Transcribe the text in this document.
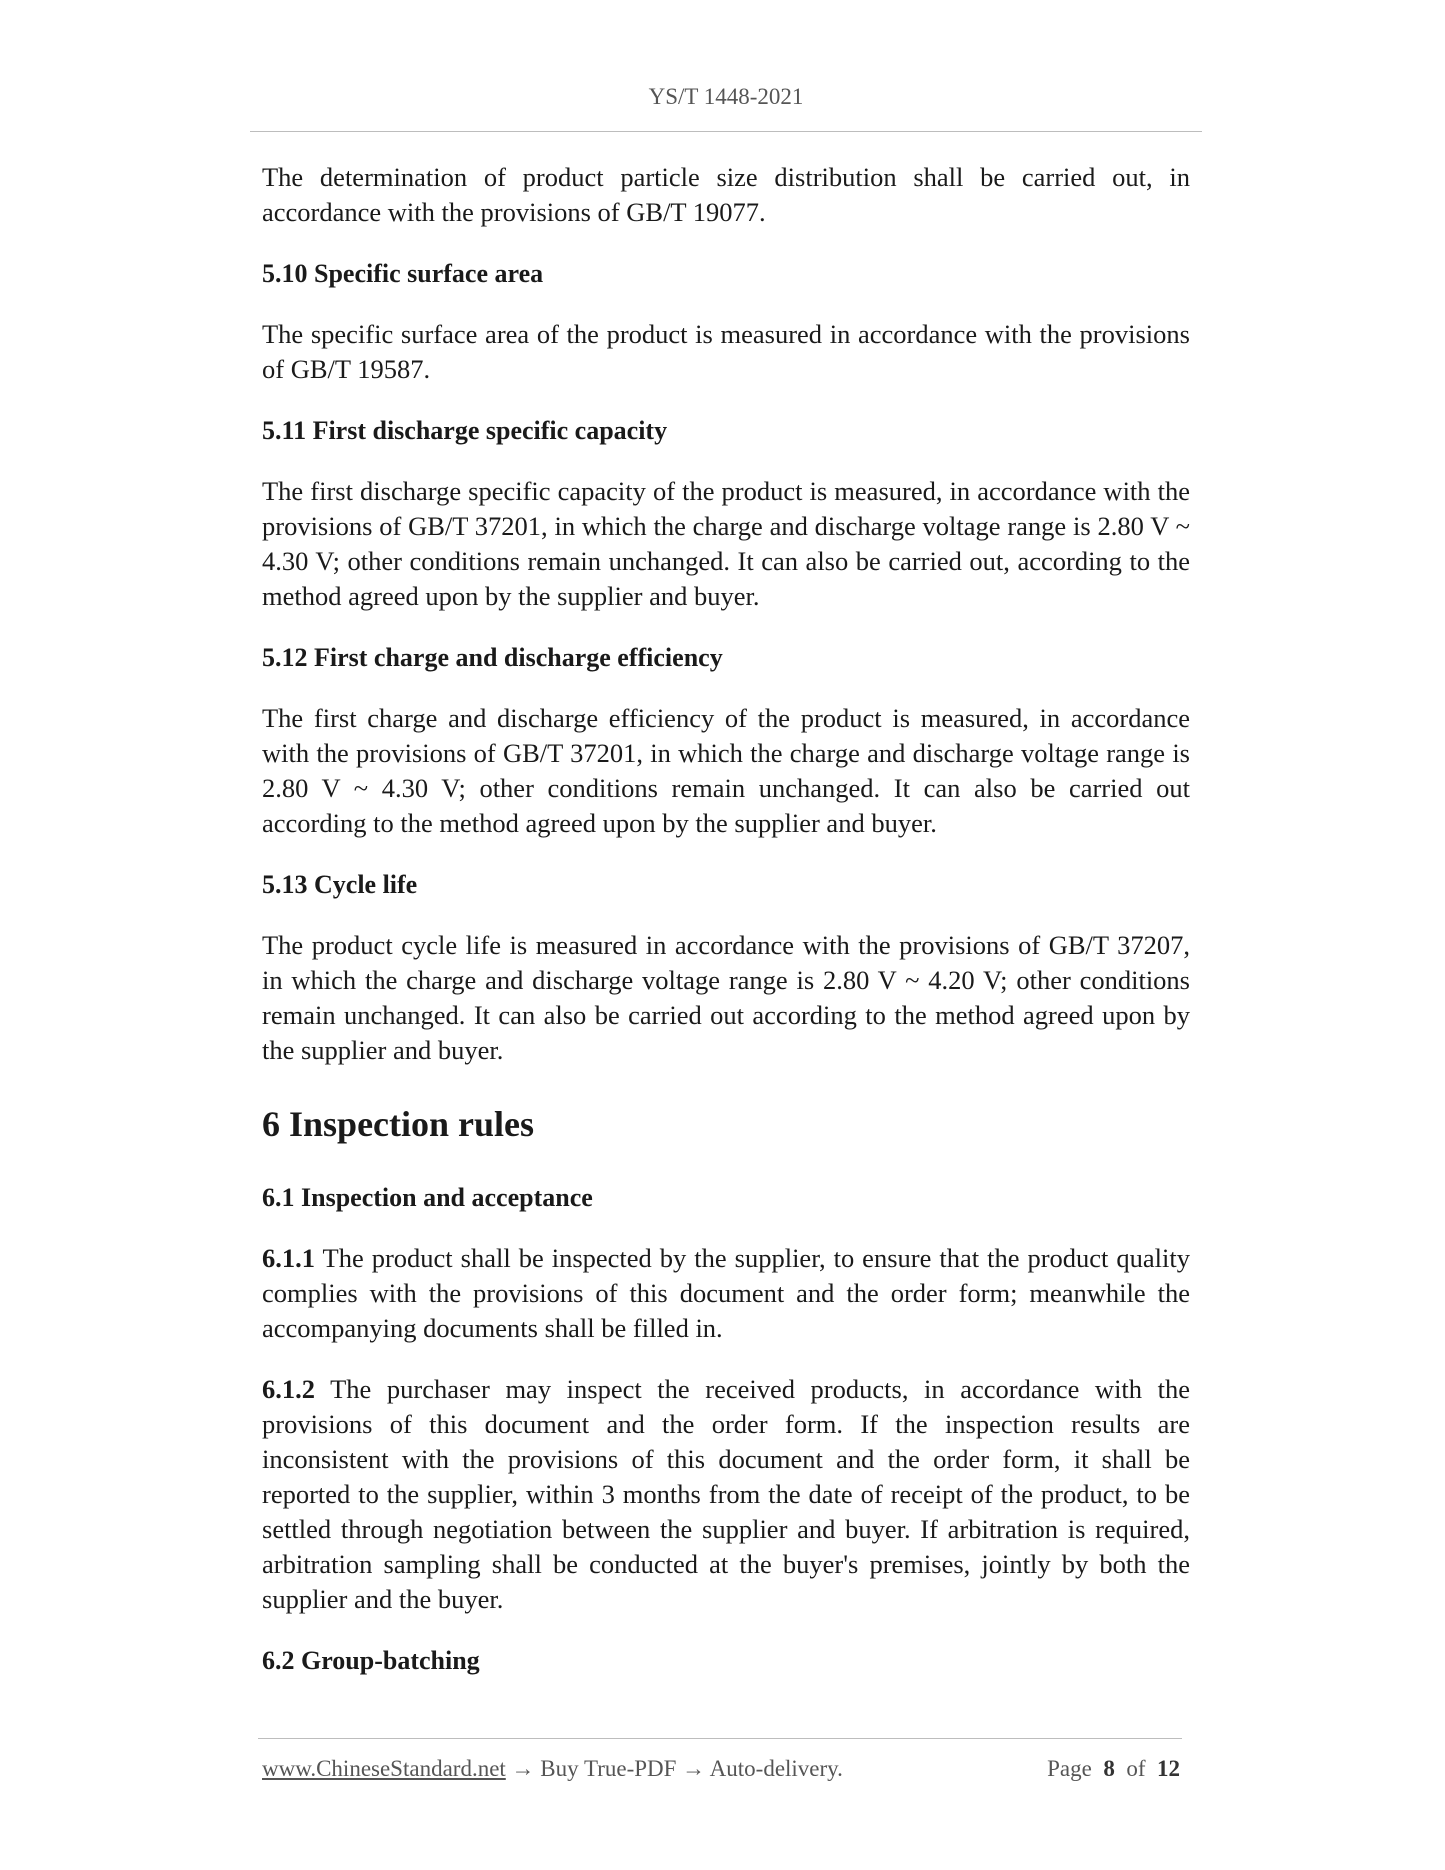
YS/T 1448-2021

The determination of product particle size distribution shall be carried out, in accordance with the provisions of GB/T 19077.

5.10 Specific surface area

The specific surface area of the product is measured in accordance with the provisions of GB/T 19587.

5.11 First discharge specific capacity

The first discharge specific capacity of the product is measured, in accordance with the provisions of GB/T 37201, in which the charge and discharge voltage range is 2.80 V ~ 4.30 V; other conditions remain unchanged. It can also be carried out, according to the method agreed upon by the supplier and buyer.

5.12 First charge and discharge efficiency

The first charge and discharge efficiency of the product is measured, in accordance with the provisions of GB/T 37201, in which the charge and discharge voltage range is 2.80 V ~ 4.30 V; other conditions remain unchanged. It can also be carried out according to the method agreed upon by the supplier and buyer.

5.13 Cycle life

The product cycle life is measured in accordance with the provisions of GB/T 37207, in which the charge and discharge voltage range is 2.80 V ~ 4.20 V; other conditions remain unchanged. It can also be carried out according to the method agreed upon by the supplier and buyer.

6 Inspection rules
6.1 Inspection and acceptance

6.1.1 The product shall be inspected by the supplier, to ensure that the product quality complies with the provisions of this document and the order form; meanwhile the accompanying documents shall be filled in.

6.1.2 The purchaser may inspect the received products, in accordance with the provisions of this document and the order form. If the inspection results are inconsistent with the provisions of this document and the order form, it shall be reported to the supplier, within 3 months from the date of receipt of the product, to be settled through negotiation between the supplier and buyer. If arbitration is required, arbitration sampling shall be conducted at the buyer's premises, jointly by both the supplier and the buyer.

6.2 Group-batching
www.ChineseStandard.net → Buy True-PDF → Auto-delivery.	Page 8 of 12
